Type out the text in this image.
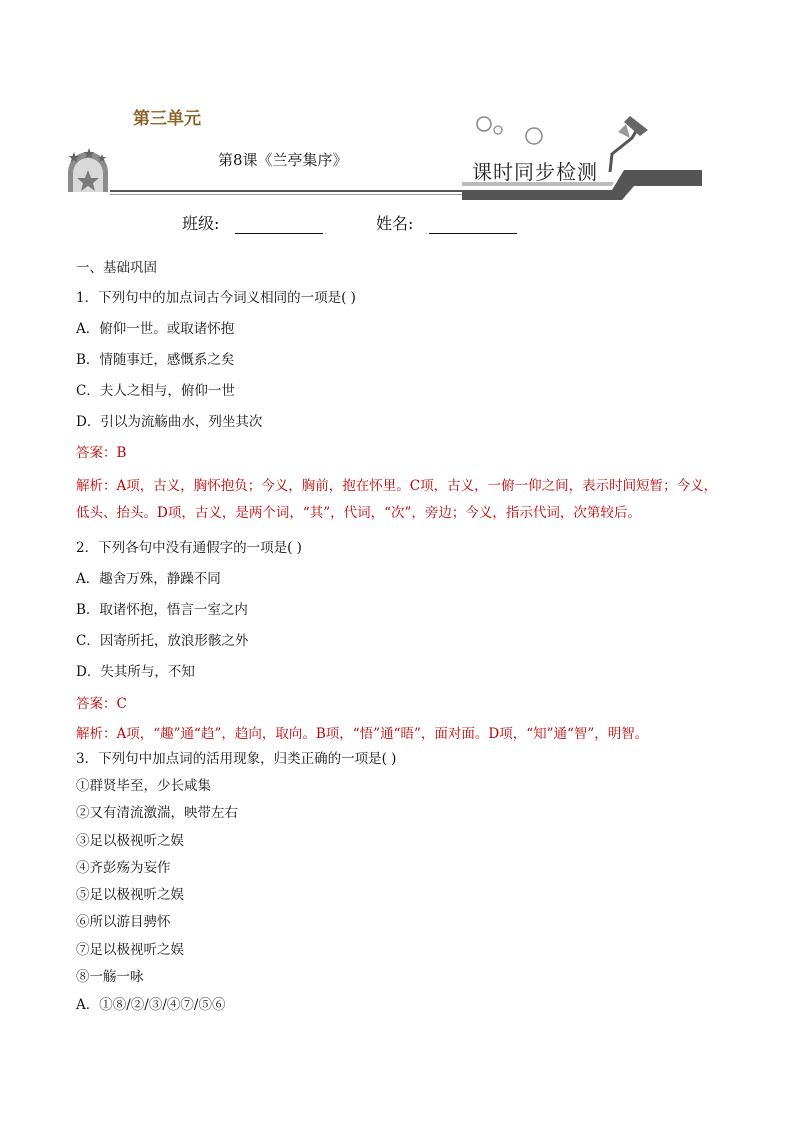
第三单元
第8课《兰亭集序》	课时同步检测
班级:	姓名:
一、基础巩固
1．下列句中的加点词古今词义相同的一项是( )
A．俯仰一世。或取诸怀抱
B．情随事迁，感慨系之矣
C．夫人之相与，俯仰一世
D．引以为流觞曲水，列坐其次
答案：B
解析：A项，古义，胸怀抱负；今义，胸前，抱在怀里。C项，古义，一俯一仰之间，表示时间短暂；今义，低头、抬头。D项，古义，是两个词，“其”，代词，“次”，旁边；今义，指示代词，次第较后。
2．下列各句中没有通假字的一项是( )
A．趣舍万殊，静躁不同
B．取诸怀抱，悟言一室之内
C．因寄所托，放浪形骸之外
D．失其所与，不知
答案：C
解析：A项，“趣”通“趋”，趋向，取向。B项，“悟”通“晤”，面对面。D项，“知”通“智”，明智。
3．下列句中加点词的活用现象，归类正确的一项是( )
①群贤毕至，少长咸集
②又有清流激湍，映带左右
③足以极视听之娱
④齐彭殇为妄作
⑤足以极视听之娱
⑥所以游目骋怀
⑦足以极视听之娱
⑧一觞一咏
A．①⑧/②/③/④⑦/⑤⑥
